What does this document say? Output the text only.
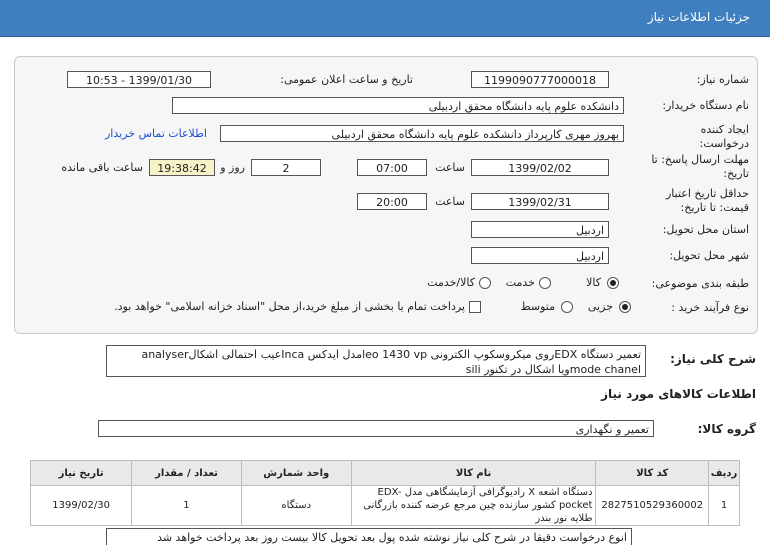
جزئیات اطلاعات نیاز
شماره نیاز:
1199090777000018
تاریخ و ساعت اعلان عمومی:
1399/01/30 - 10:53
نام دستگاه خریدار:
دانشکده علوم پایه دانشگاه محقق اردبیلی
ایجاد کننده درخواست:
بهروز مهری کارپرداز دانشکده علوم پایه دانشگاه محقق اردبیلی
اطلاعات تماس خریدار
مهلت ارسال پاسخ: تا تاریخ:
1399/02/02
ساعت
07:00
2
روز و
19:38:42
ساعت باقی مانده
حداقل تاریخ اعتبار قیمت: تا تاریخ:
1399/02/31
ساعت
20:00
استان محل تحویل:
اردبیل
شهر محل تحویل:
اردبیل
طبقه بندی موضوعی:
کالا
خدمت
کالا/خدمت
نوع فرآیند خرید :
جزیی
متوسط
پرداخت تمام یا بخشی از مبلغ خرید،از محل "اسناد خزانه اسلامی" خواهد بود.
شرح کلی نیاز:
تعمیر دستگاه EDXروی میکروسکوپ الکترونی leo 1430 vpمدل ایدکس Incaعیب احتمالی اشکالanalyser mode chanelویا اشکال در تکنور sili
اطلاعات کالاهای مورد نیاز
گروه کالا:
تعمیر و نگهداری
ردیف	کد کالا	نام کالا	واحد شمارش	تعداد / مقدار	تاریخ نیاز
1	2827510529360002	دستگاه اشعه X رادیوگرافی آزمایشگاهی مدل EDX-pocket کشور سازنده چین مرجع عرضه کننده بازرگانی طلایه نور بندر	دستگاه	1	1399/02/30
انوع درخواست دقیقا در شرح کلی نیاز نوشته شده پول بعد تحویل کالا بیست روز بعد پرداخت خواهد شد
